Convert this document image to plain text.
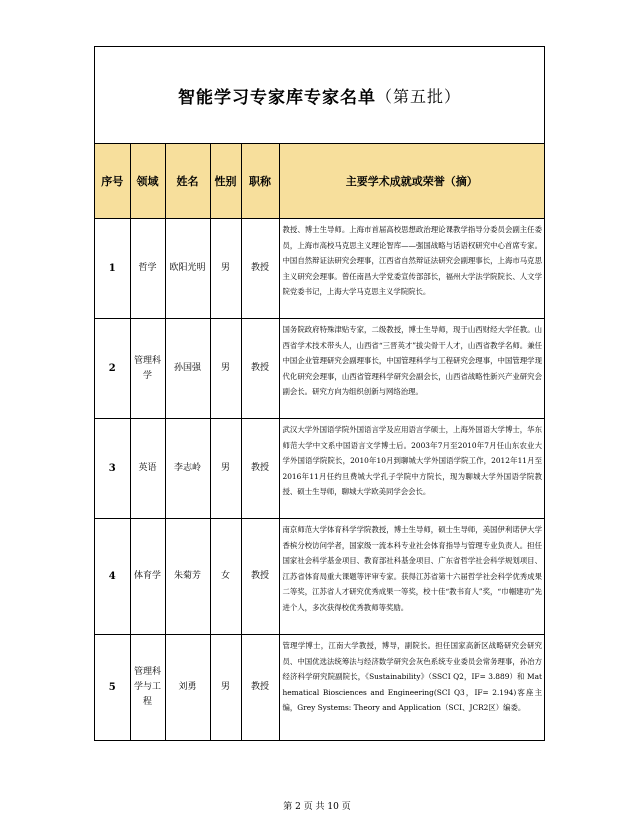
智能学习专家库专家名单 （第五批）
序号	领域	姓名	性别	职称	主要学术成就或荣誉（摘）
1	哲学	欧阳光明	男	教授	教授、博士生导师。上海市首届高校思想政治理论课教学指导分委员会副主任委员，上海市高校马克思主义理论智库——强国战略与话语权研究中心首席专家。中国自然辩证法研究会理事，江西省自然辩证法研究会副理事长，上海市马克思主义研究会理事。曾任南昌大学党委宣传部部长，福州大学法学院院长、人文学院党委书记，上海大学马克思主义学院院长。
2	管理科学	孙国强	男	教授	国务院政府特殊津贴专家，二级教授，博士生导师，现于山西财经大学任教。山西省学术技术带头人，山西省“三晋英才”拔尖骨干人才，山西省教学名师。兼任中国企业管理研究会副理事长，中国管理科学与工程研究会理事，中国管理学现代化研究会理事，山西省管理科学研究会副会长，山西省战略性新兴产业研究会副会长。研究方向为组织创新与网络治理。
3	英语	李志岭	男	教授	武汉大学外国语学院外国语言学及应用语言学硕士，上海外国语大学博士，华东师范大学中文系中国语言文学博士后。2003年7月至2010年7月任山东农业大学外国语学院院长，2010年10月到聊城大学外国语学院工作，2012年11月至2016年11月任约旦费城大学孔子学院中方院长，现为聊城大学外国语学院教授、硕士生导师，聊城大学欧美同学会会长。
4	体育学	朱菊芳	女	教授	南京师范大学体育科学学院教授，博士生导师，硕士生导师，美国伊利诺伊大学香槟分校访问学者，国家级一流本科专业社会体育指导与管理专业负责人。担任国家社会科学基金项目、教育部社科基金项目、广东省哲学社会科学规划项目、江苏省体育局重大课题等评审专家。获得江苏省第十六届哲学社会科学优秀成果二等奖，江苏省人才研究优秀成果一等奖，校十佳“教书育人”奖，“巾帼建功”先进个人，多次获得校优秀教师等奖励。
5	管理科学与工程	刘勇	男	教授	管理学博士，江南大学教授，博导，副院长。担任国家高新区战略研究会研究员、中国优选法统筹法与经济数学研究会灰色系统专业委员会常务理事，孙冶方经济科学研究院副院长，《Sustainability》（SSCI Q2，IF= 3.889）和 Mathematical Biosciences and Engineering(SCI Q3，IF= 2.194)客座主编，Grey Systems: Theory and Application（SCI、JCR2区）编委。
第 2 页 共 10 页
